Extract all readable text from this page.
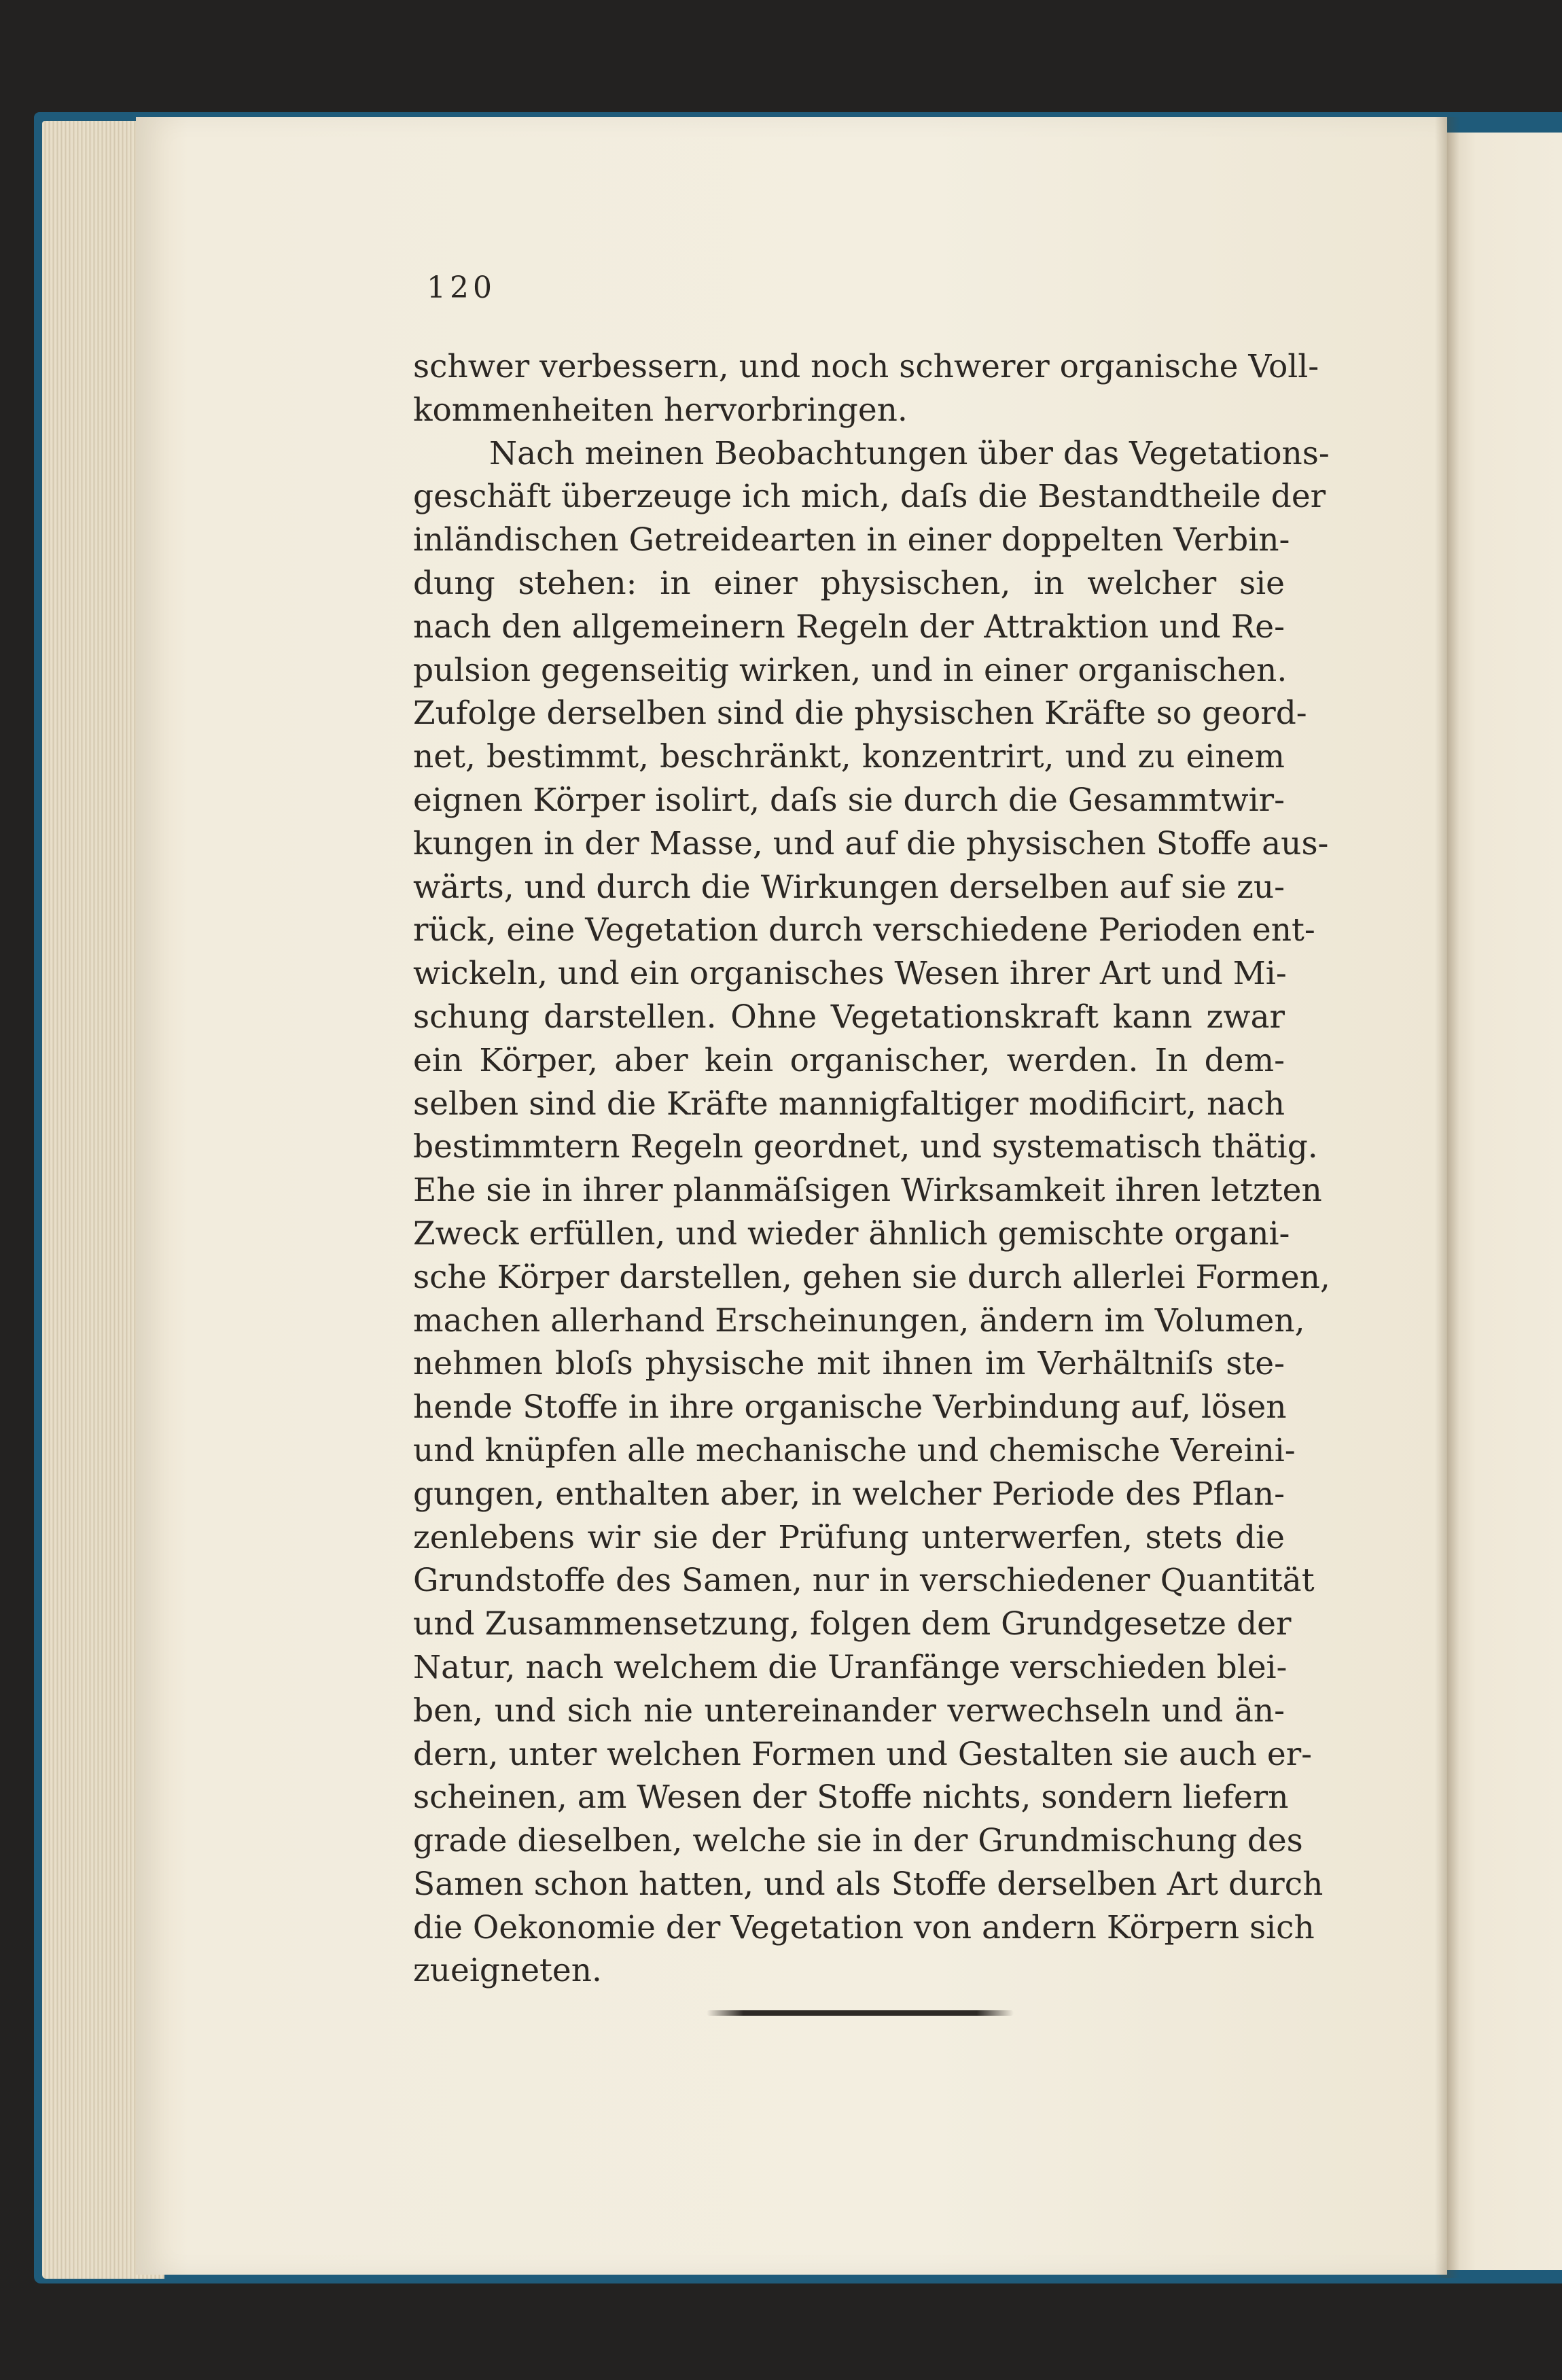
120
schwer verbessern, und noch schwerer organische Voll-
kommenheiten hervorbringen.
Nach meinen Beobachtungen über das Vegetations-
geschäft überzeuge ich mich, daſs die Bestandtheile der
inländischen Getreidearten in einer doppelten Verbin-
dung stehen: in einer physischen, in welcher sie
nach den allgemeinern Regeln der Attraktion und Re-
pulsion gegenseitig wirken, und in einer organischen.
Zufolge derselben sind die physischen Kräfte so geord-
net, bestimmt, beschränkt, konzentrirt, und zu einem
eignen Körper isolirt, daſs sie durch die Gesammtwir-
kungen in der Masse, und auf die physischen Stoffe aus-
wärts, und durch die Wirkungen derselben auf sie zu-
rück, eine Vegetation durch verschiedene Perioden ent-
wickeln, und ein organisches Wesen ihrer Art und Mi-
schung darstellen. Ohne Vegetationskraft kann zwar
ein Körper, aber kein organischer, werden. In dem-
selben sind die Kräfte mannigfaltiger modificirt, nach
bestimmtern Regeln geordnet, und systematisch thätig.
Ehe sie in ihrer planmäſsigen Wirksamkeit ihren letzten
Zweck erfüllen, und wieder ähnlich gemischte organi-
sche Körper darstellen, gehen sie durch allerlei Formen,
machen allerhand Erscheinungen, ändern im Volumen,
nehmen bloſs physische mit ihnen im Verhältniſs ste-
hende Stoffe in ihre organische Verbindung auf, lösen
und knüpfen alle mechanische und chemische Vereini-
gungen, enthalten aber, in welcher Periode des Pflan-
zenlebens wir sie der Prüfung unterwerfen, stets die
Grundstoffe des Samen, nur in verschiedener Quantität
und Zusammensetzung, folgen dem Grundgesetze der
Natur, nach welchem die Uranfänge verschieden blei-
ben, und sich nie untereinander verwechseln und än-
dern, unter welchen Formen und Gestalten sie auch er-
scheinen, am Wesen der Stoffe nichts, sondern liefern
grade dieselben, welche sie in der Grundmischung des
Samen schon hatten, und als Stoffe derselben Art durch
die Oekonomie der Vegetation von andern Körpern sich
zueigneten.
